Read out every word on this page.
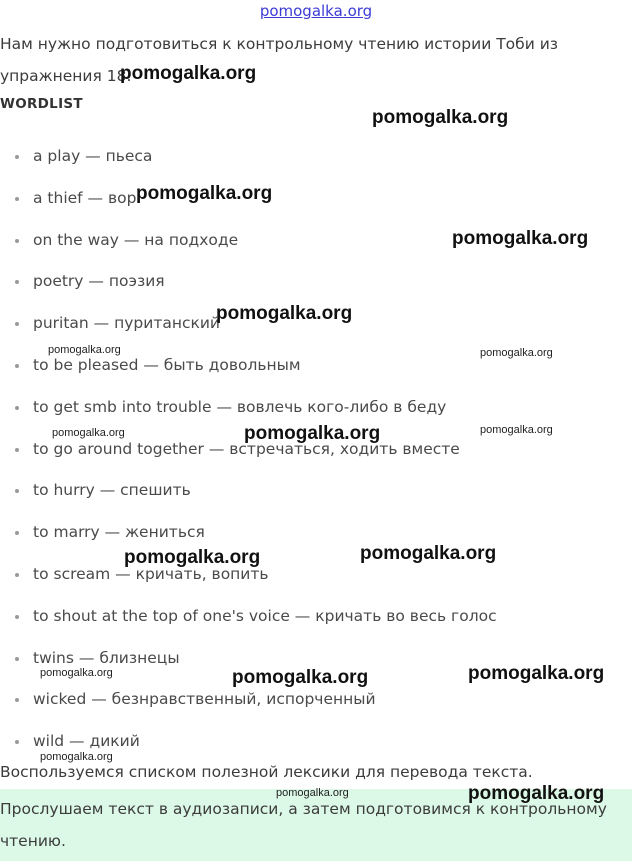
pomogalka.org
Нам нужно подготовиться к контрольному чтению истории Тоби из упражнения 18.
WORDLIST
a play — пьеса
a thief — вор
on the way — на подходе
poetry — поэзия
puritan — пуританский
to be pleased — быть довольным
to get smb into trouble — вовлечь кого-либо в беду
to go around together — встречаться, ходить вместе
to hurry — спешить
to marry — жениться
to scream — кричать, вопить
to shout at the top of one's voice — кричать во весь голос
twins — близнецы
wicked — безнравственный, испорченный
wild — дикий
Воспользуемся списком полезной лексики для перевода текста.

Прослушаем текст в аудиозаписи, а затем подготовимся к контрольному чтению.

pomogalka.org
pomogalka.org
pomogalka.org
pomogalka.org
pomogalka.org
pomogalka.org	pomogalka.org
pomogalka.org	pomogalka.org	pomogalka.org
pomogalka.org	pomogalka.org
pomogalka.org	pomogalka.org	pomogalka.org
pomogalka.org
pomogalka.org	pomogalka.org
